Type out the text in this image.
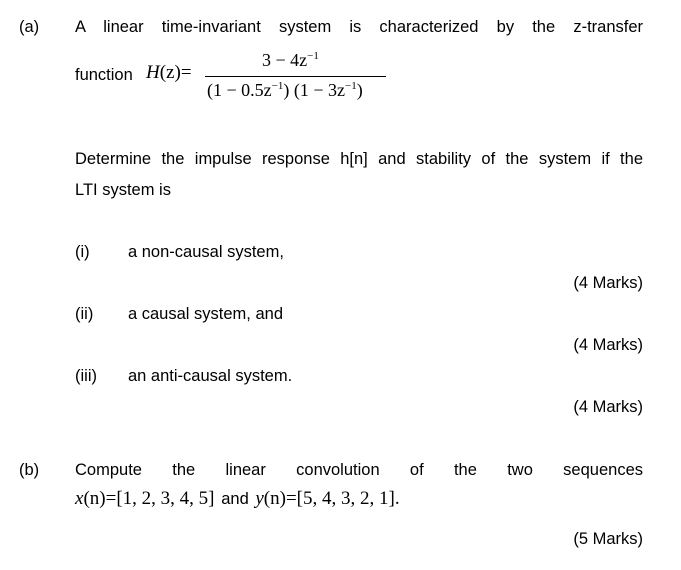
(a) A linear time-invariant system is characterized by the z-transfer
function H(z)=
$3 - 4z^{-1}$
$(1 - 0.5z^{-1})$ $(1 - 3z^{-1})$
Determine the impulse response h[n] and stability of the system if the
LTI system is
(i) a non-causal system,
(4 Marks)
(ii) a causal system, and
(4 Marks)
(iii) an anti-causal system.
(4 Marks)
(b) Compute the linear convolution of the two sequences
x(n)=[1, 2, 3, 4, 5] and y(n)=[5, 4, 3, 2, 1].
(5 Marks)
